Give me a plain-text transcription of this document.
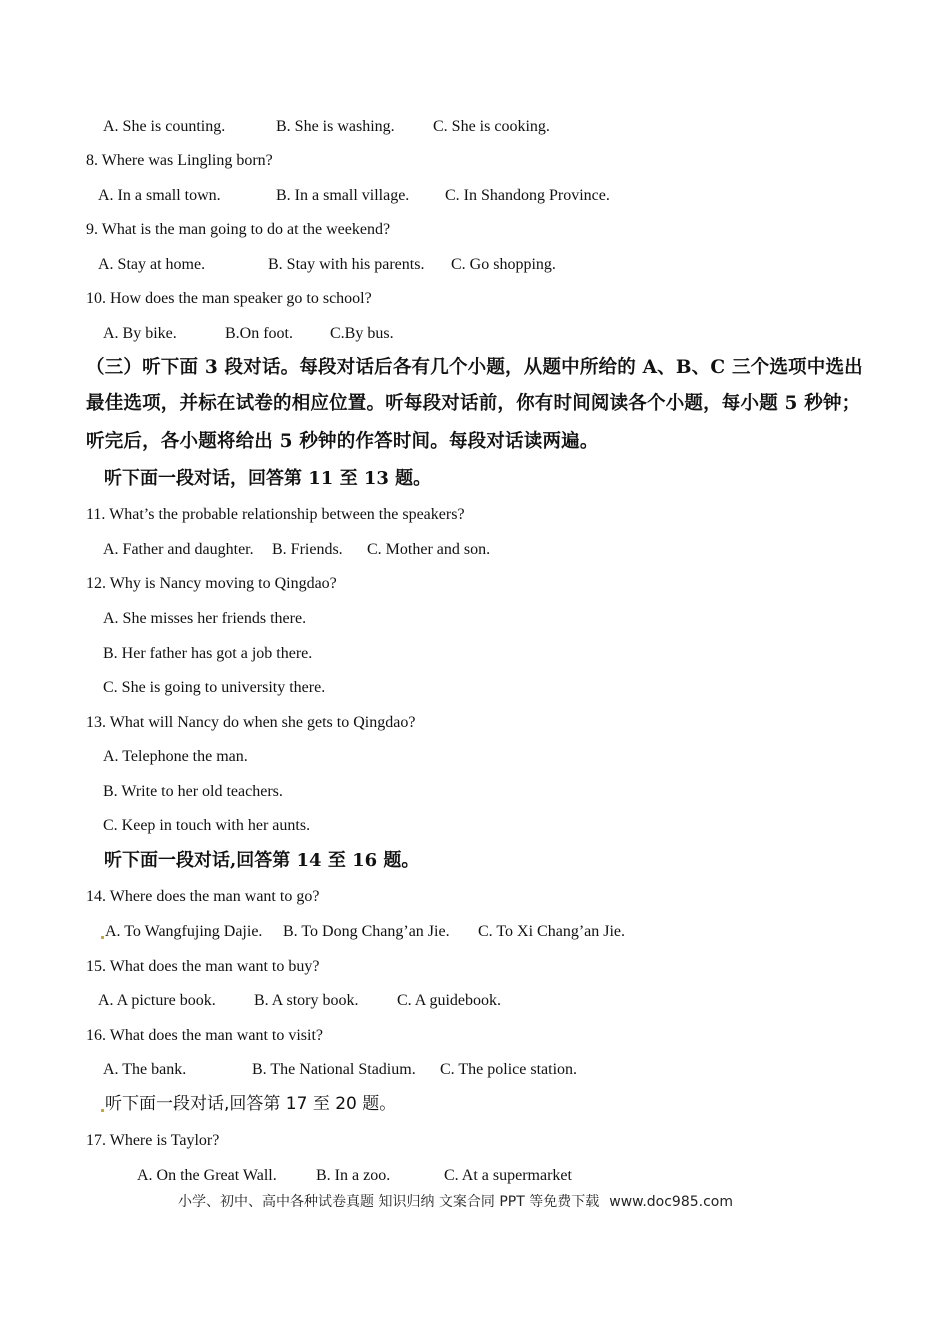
A. She is counting.	B. She is washing. C. She is cooking.
8. Where was Lingling born?
A. In a small town.	B. In a small village. C. In Shandong Province.
9. What is the man going to do at the weekend?
A. Stay at home.	B. Stay with his parents. C. Go shopping.
10. How does the man speaker go to school?
A. By bike.	B.On foot. C.By bus.
（三）听下面 3 段对话。每段对话后各有几个小题，从题中所给的 A、B、C 三个选项中选出
最佳选项，并标在试卷的相应位置。听每段对话前，你有时间阅读各个小题，每小题 5 秒钟；
听完后，各小题将给出 5 秒钟的作答时间。每段对话读两遍。
听下面一段对话，回答第 11 至 13 题。
11. What’s the probable relationship between the speakers?
A. Father and daughter. B. Friends. C. Mother and son.
12. Why is Nancy moving to Qingdao?
A. She misses her friends there.
B. Her father has got a job there.
C. She is going to university there.
13. What will Nancy do when she gets to Qingdao?
A. Telephone the man.
B. Write to her old teachers.
C. Keep in touch with her aunts.
听下面一段对话,回答第 14 至 16 题。
14. Where does the man want to go?
A. To Wangfujing Dajie. B. To Dong Chang’an Jie. C. To Xi Chang’an Jie.
15. What does the man want to buy?
A. A picture book. B. A story book. C. A guidebook.
16. What does the man want to visit?
A. The bank.	B. The National Stadium. C. The police station.
听下面一段对话,回答第 17 至 20 题。
17. Where is Taylor?
A. On the Great Wall. B. In a zoo.	C. At a supermarket
小学、初中、高中各种试卷真题 知识归纳 文案合同 PPT 等免费下载 www.doc985.com
